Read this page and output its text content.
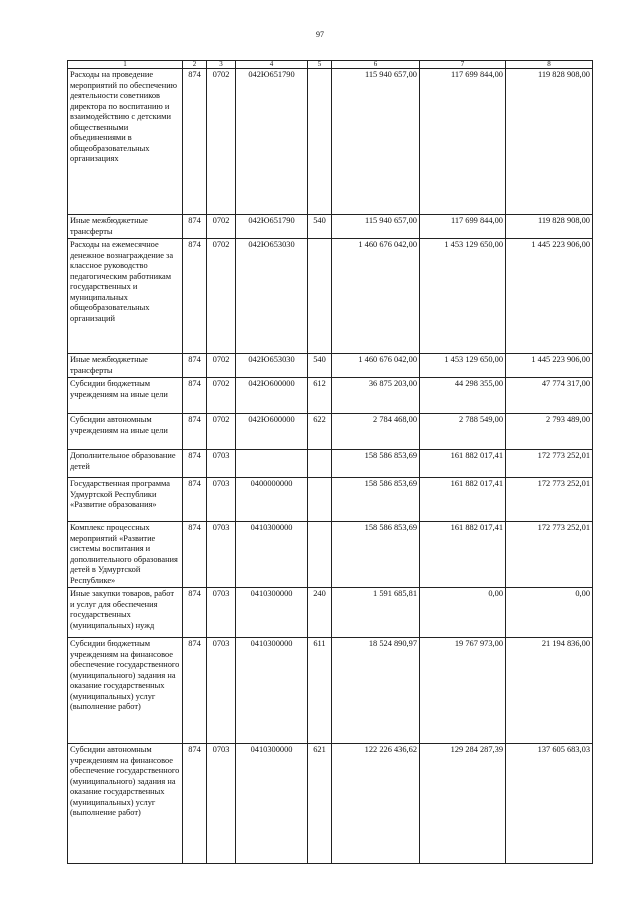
97
1	2	3	4	5	6	7	8
Расходы на проведение мероприятий по обеспечению деятельности советников директора по воспитанию и взаимодействию с детскими общественными объединениями в общеобразовательных организациях	874	0702	042Ю651790		115 940 657,00	117 699 844,00	119 828 908,00
Иные межбюджетные трансферты	874	0702	042Ю651790	540	115 940 657,00	117 699 844,00	119 828 908,00
Расходы на ежемесячное денежное вознаграждение за классное руководство педагогическим работникам государственных и муниципальных общеобразовательных организаций	874	0702	042Ю653030		1 460 676 042,00	1 453 129 650,00	1 445 223 906,00
Иные межбюджетные трансферты	874	0702	042Ю653030	540	1 460 676 042,00	1 453 129 650,00	1 445 223 906,00
Субсидии бюджетным учреждениям на иные цели	874	0702	042Ю600000	612	36 875 203,00	44 298 355,00	47 774 317,00
Субсидии автономным учреждениям на иные цели	874	0702	042Ю600000	622	2 784 468,00	2 788 549,00	2 793 489,00
Дополнительное образование детей	874	0703			158 586 853,69	161 882 017,41	172 773 252,01
Государственная программа Удмуртской Республики «Развитие образования»	874	0703	0400000000		158 586 853,69	161 882 017,41	172 773 252,01
Комплекс процессных мероприятий «Развитие системы воспитания и дополнительного образования детей в Удмуртской Республике»	874	0703	0410300000		158 586 853,69	161 882 017,41	172 773 252,01
Иные закупки товаров, работ и услуг для обеспечения государственных (муниципальных) нужд	874	0703	0410300000	240	1 591 685,81	0,00	0,00
Субсидии бюджетным учреждениям на финансовое обеспечение государственного (муниципального) задания на оказание государственных (муниципальных) услуг (выполнение работ)	874	0703	0410300000	611	18 524 890,97	19 767 973,00	21 194 836,00
Субсидии автономным учреждениям на финансовое обеспечение государственного (муниципального) задания на оказание государственных (муниципальных) услуг (выполнение работ)	874	0703	0410300000	621	122 226 436,62	129 284 287,39	137 605 683,03
